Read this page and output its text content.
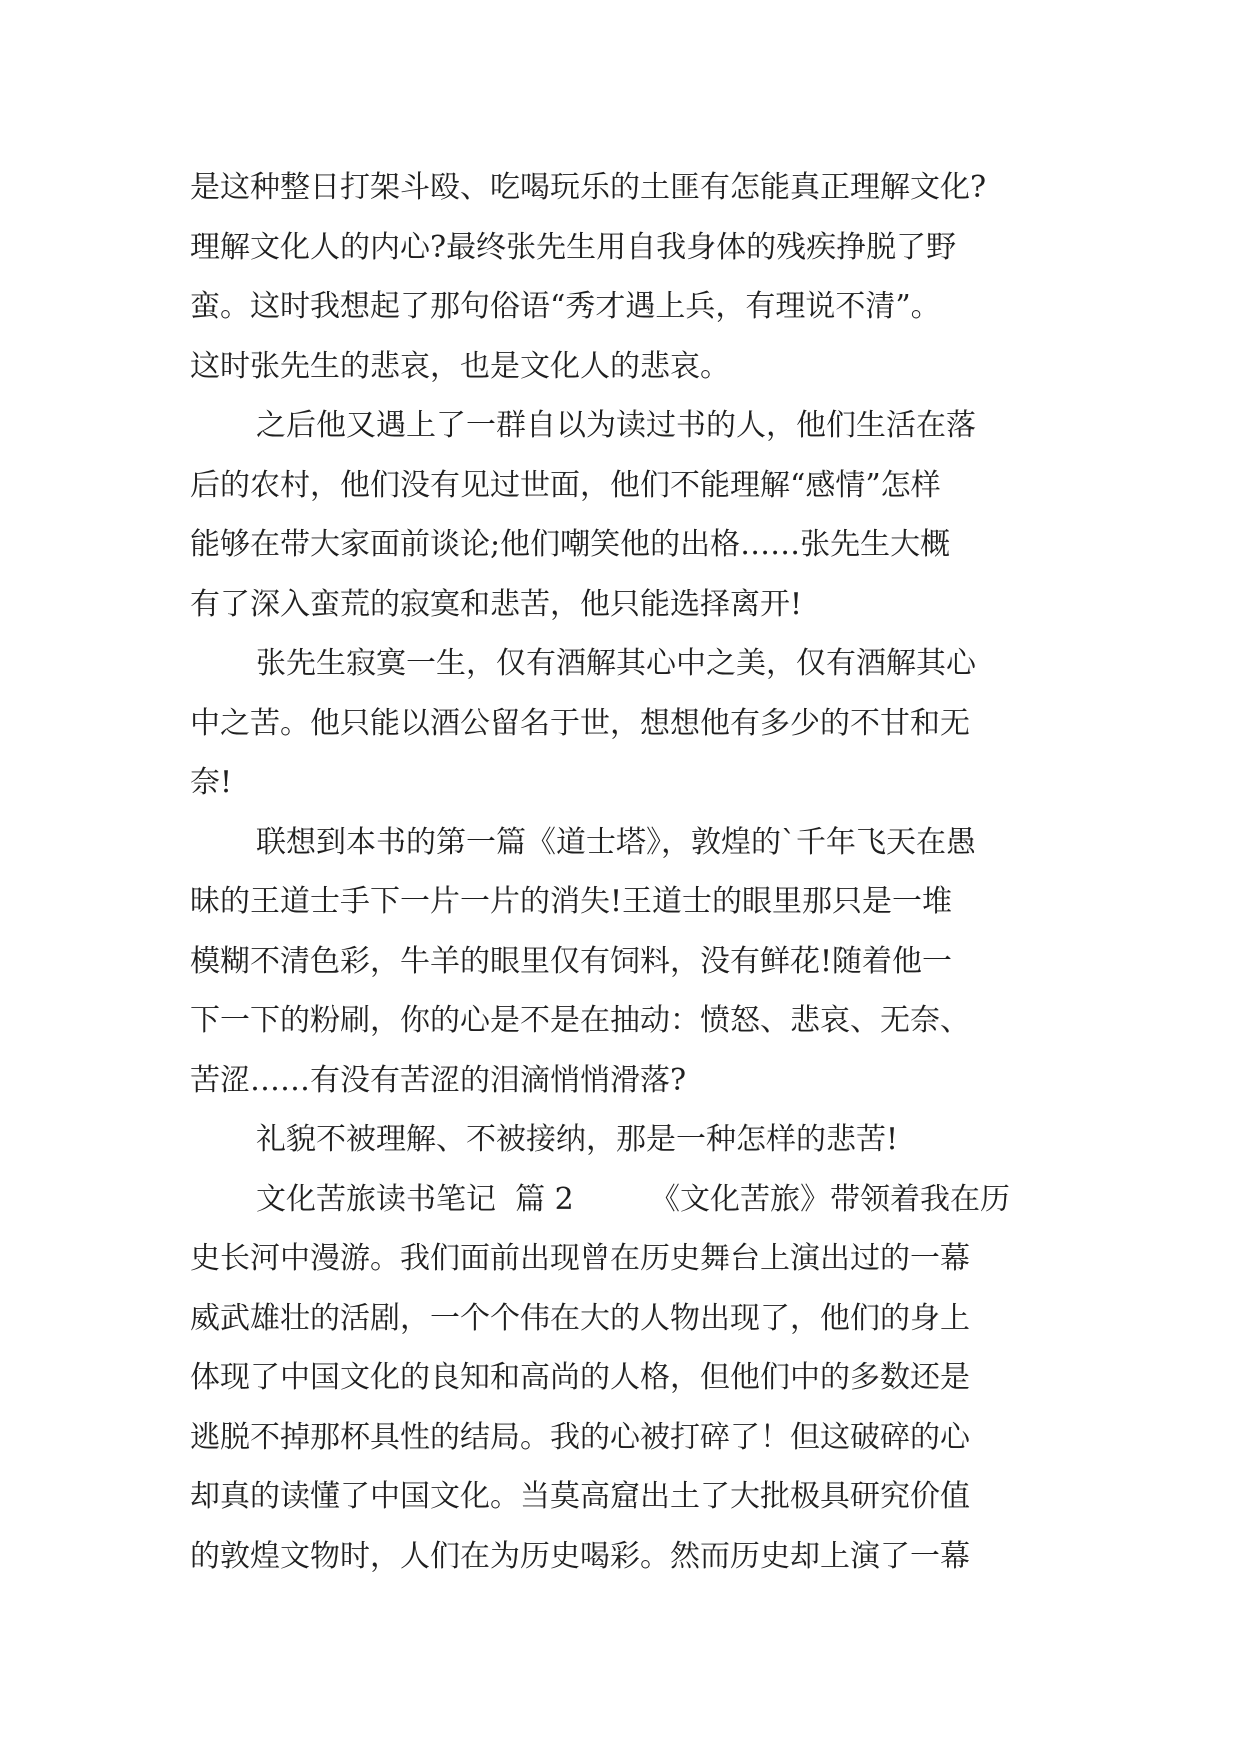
是这种整日打架斗殴、吃喝玩乐的土匪有怎能真正理解文化?
理解文化人的内心?最终张先生用自我身体的残疾挣脱了野
蛮。这时我想起了那句俗语“秀才遇上兵，有理说不清”。
这时张先生的悲哀，也是文化人的悲哀。
之后他又遇上了一群自以为读过书的人，他们生活在落
后的农村，他们没有见过世面，他们不能理解“感情”怎样
能够在带大家面前谈论;他们嘲笑他的出格……张先生大概
有了深入蛮荒的寂寞和悲苦，他只能选择离开!
张先生寂寞一生，仅有酒解其心中之美，仅有酒解其心
中之苦。他只能以酒公留名于世，想想他有多少的不甘和无
奈!
联想到本书的第一篇《道士塔》，敦煌的`千年飞天在愚
昧的王道士手下一片一片的消失!王道士的眼里那只是一堆
模糊不清色彩，牛羊的眼里仅有饲料，没有鲜花!随着他一
下一下的粉刷，你的心是不是在抽动：愤怒、悲哀、无奈、
苦涩……有没有苦涩的泪滴悄悄滑落?
礼貌不被理解、不被接纳，那是一种怎样的悲苦!
文化苦旅读书笔记  篇 2        《文化苦旅》带领着我在历
史长河中漫游。我们面前出现曾在历史舞台上演出过的一幕
威武雄壮的活剧，一个个伟在大的人物出现了，他们的身上
体现了中国文化的良知和高尚的人格，但他们中的多数还是
逃脱不掉那杯具性的结局。我的心被打碎了！但这破碎的心
却真的读懂了中国文化。当莫高窟出土了大批极具研究价值
的敦煌文物时，人们在为历史喝彩。然而历史却上演了一幕
